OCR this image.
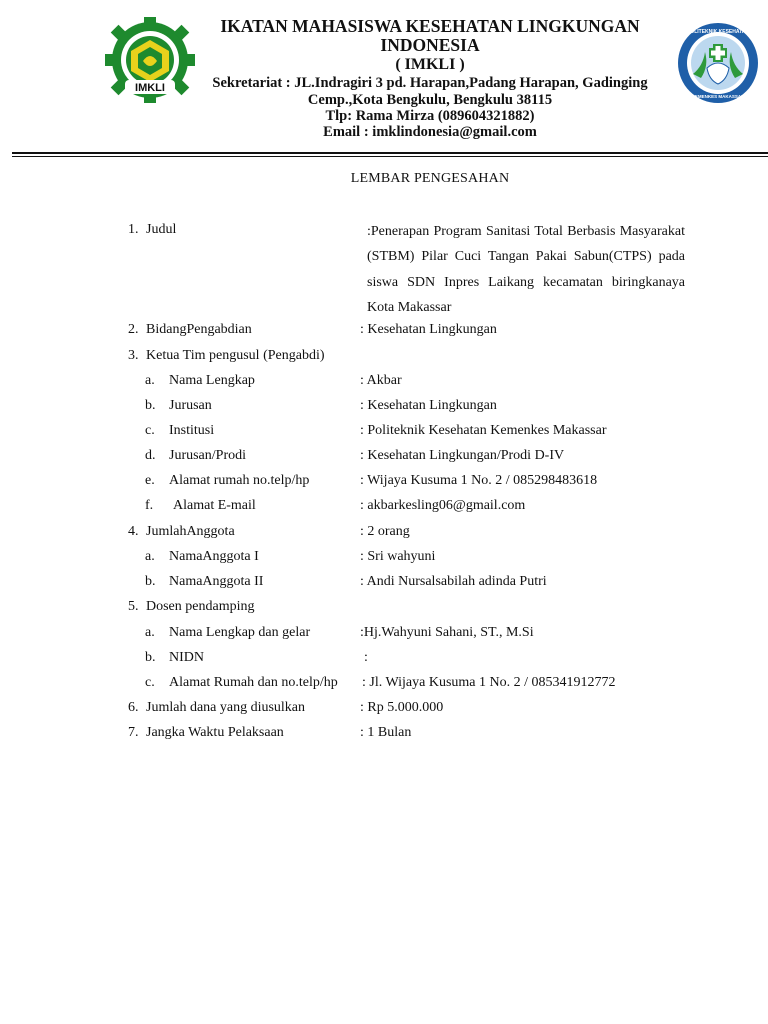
IMKLI
POLITEKNIK KESEHATAN
KEMENKES MAKASSAR
IKATAN MAHASISWA KESEHATAN LINGKUNGAN
INDONESIA
( IMKLI )
Sekretariat : JL.Indragiri 3 pd. Harapan,Padang Harapan, Gadinging
Cemp.,Kota Bengkulu, Bengkulu 38115
Tlp: Rama Mirza (089604321882)
Email : imklindonesia@gmail.com
LEMBAR PENGESAHAN
1. Judul	:Penerapan Program Sanitasi Total Berbasis Masyarakat (STBM) Pilar Cuci Tangan Pakai Sabun(CTPS) pada siswa SDN Inpres Laikang kecamatan biringkanaya Kota Makassar
2. BidangPengabdian	: Kesehatan Lingkungan
3. Ketua Tim pengusul (Pengabdi)
a. Nama Lengkap	: Akbar
b. Jurusan	: Kesehatan Lingkungan
c. Institusi	: Politeknik Kesehatan Kemenkes Makassar
d. Jurusan/Prodi	: Kesehatan Lingkungan/Prodi D-IV
e. Alamat rumah no.telp/hp	: Wijaya Kusuma 1 No. 2 / 085298483618
f. Alamat E-mail	: akbarkesling06@gmail.com
4. JumlahAnggota	: 2 orang
a. NamaAnggota I	: Sri wahyuni
b. NamaAnggota II	: Andi Nursalsabilah adinda Putri
5. Dosen pendamping
a. Nama Lengkap dan gelar	:Hj.Wahyuni Sahani, ST., M.Si
b. NIDN	:
c. Alamat Rumah dan no.telp/hp : Jl. Wijaya Kusuma 1 No. 2 / 085341912772
6. Jumlah dana yang diusulkan	: Rp 5.000.000
7. Jangka Waktu Pelaksaan	: 1 Bulan
